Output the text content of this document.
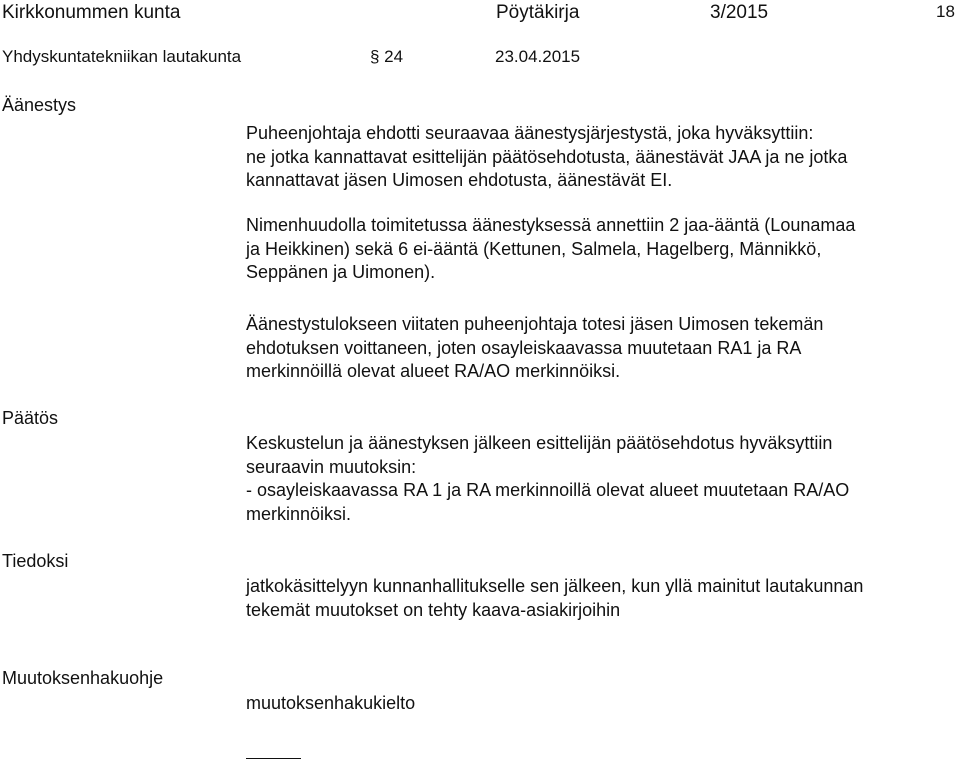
Kirkkonummen kunta	Pöytäkirja	3/2015	18
Yhdyskuntatekniikan lautakunta	§ 24	23.04.2015
Äänestys
Puheenjohtaja ehdotti seuraavaa äänestysjärjestystä, joka hyväksyttiin:
ne jotka kannattavat esittelijän päätösehdotusta, äänestävät JAA ja ne jotka
kannattavat jäsen Uimosen ehdotusta, äänestävät EI.
Nimenhuudolla toimitetussa äänestyksessä annettiin 2 jaa-ääntä (Lounamaa
ja Heikkinen) sekä 6 ei-ääntä (Kettunen, Salmela, Hagelberg, Männikkö,
Seppänen ja Uimonen).
Äänestystulokseen viitaten puheenjohtaja totesi jäsen Uimosen tekemän
ehdotuksen voittaneen, joten osayleiskaavassa muutetaan RA1 ja RA
merkinnöillä olevat alueet RA/AO merkinnöiksi.
Päätös
Keskustelun ja äänestyksen jälkeen esittelijän päätösehdotus hyväksyttiin
seuraavin muutoksin:
- osayleiskaavassa RA 1 ja RA merkinnoillä olevat alueet muutetaan RA/AO
merkinnöiksi.
Tiedoksi
jatkokäsittelyyn kunnanhallitukselle sen jälkeen, kun yllä mainitut lautakunnan
tekemät muutokset on tehty kaava-asiakirjoihin
Muutoksenhakuohje
muutoksenhakukielto
